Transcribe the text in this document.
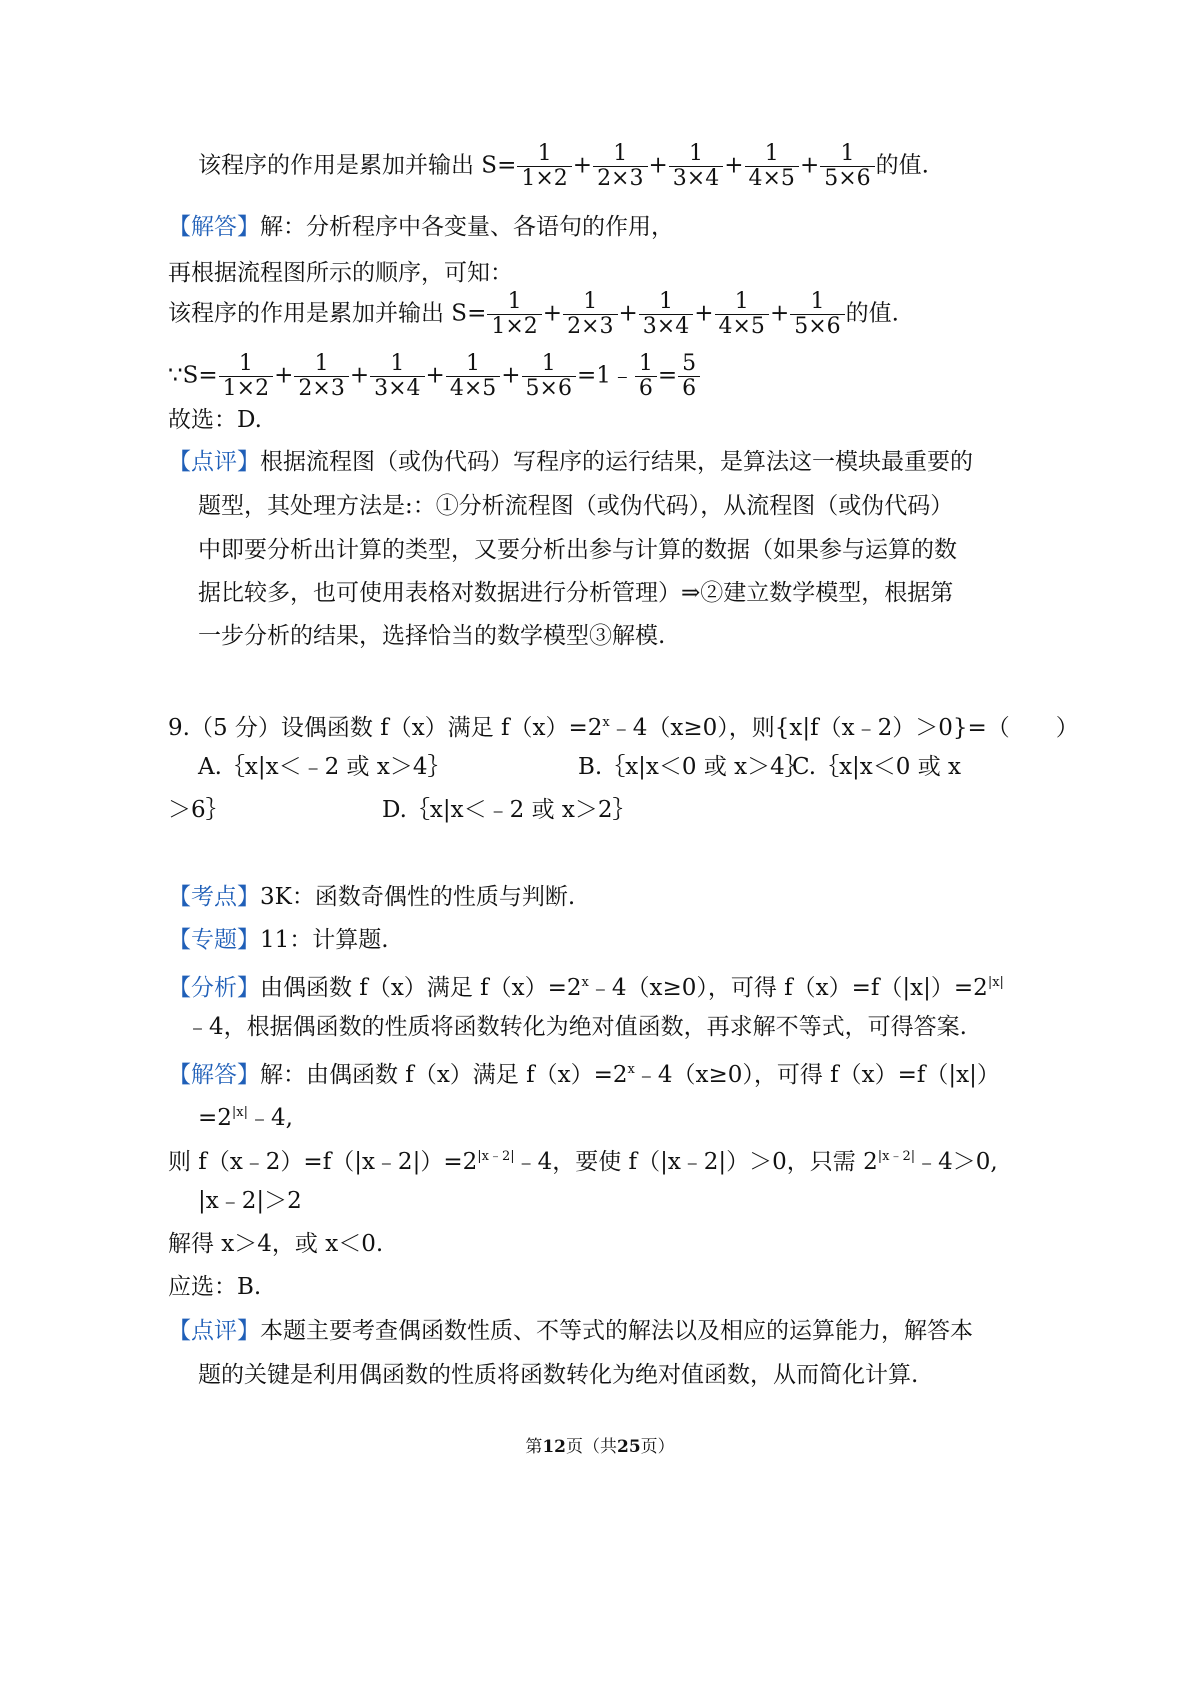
该程序的作用是累加并输出 $S= \frac{1}{1\times 2} + \frac{1}{2\times 3} + \frac{1}{3\times 4} + \frac{1}{4\times 5} + \frac{1}{5\times 6}$ 的值.
【解答】解：分析程序中各变量、各语句的作用，
再根据流程图所示的顺序，可知：
该程序的作用是累加并输出 $S= \frac{1}{1\times 2} + \frac{1}{2\times 3} + \frac{1}{3\times 4} + \frac{1}{4\times 5} + \frac{1}{5\times 6}$ 的值.
∵S= $\frac{1}{1\times 2} + \frac{1}{2\times 3} + \frac{1}{3\times 4} + \frac{1}{4\times 5} + \frac{1}{5\times 6}$ =1﹣ $\frac{1}{6} = \frac{5}{6}$
故选：D.
【点评】根据流程图（或伪代码）写程序的运行结果，是算法这一模块最重要的
题型，其处理方法是:：①分析流程图（或伪代码），从流程图（或伪代码）
中即要分析出计算的类型，又要分析出参与计算的数据（如果参与运算的数
据比较多，也可使用表格对数据进行分析管理）⇒②建立数学模型，根据第
一步分析的结果，选择恰当的数学模型③解模.
9.（5 分）设偶函数 f（x）满足 $f(x)=2^x﹣4(x\ge 0)$，则{x|f（x﹣2）＞0}=（　　）
A.｛x|x＜﹣2 或 x＞4｝	B.｛x|x＜0 或 x＞4｝
C.｛x|x＜0 或 x
＞6｝	D.｛x|x＜﹣2 或 x＞2｝
【考点】3K：函数奇偶性的性质与判断.
【专题】11：计算题.
【分析】由偶函数 f（x）满足 $f(x)=2^x﹣4(x\ge 0)$，可得 $f(x)=f(|x|)=2^{|x|}$
﹣4，根据偶函数的性质将函数转化为绝对值函数，再求解不等式，可得答案.
【解答】解：由偶函数 f（x）满足 $f(x)=2^x﹣4(x\ge 0)$，可得 f（x）=f（|x|）
$=2^{|x|}﹣4$,
则 $f(x﹣2)=f(|x﹣2|)=2^{|x﹣2|}﹣4$，要使 f（|x﹣2|）＞0，只需 $2^{|x﹣2|}﹣4>0$,
|x﹣2|＞2
解得 x＞4，或 x＜0.
应选：B.
【点评】本题主要考查偶函数性质、不等式的解法以及相应的运算能力，解答本
题的关键是利用偶函数的性质将函数转化为绝对值函数，从而简化计算.
第12页（共25页）
